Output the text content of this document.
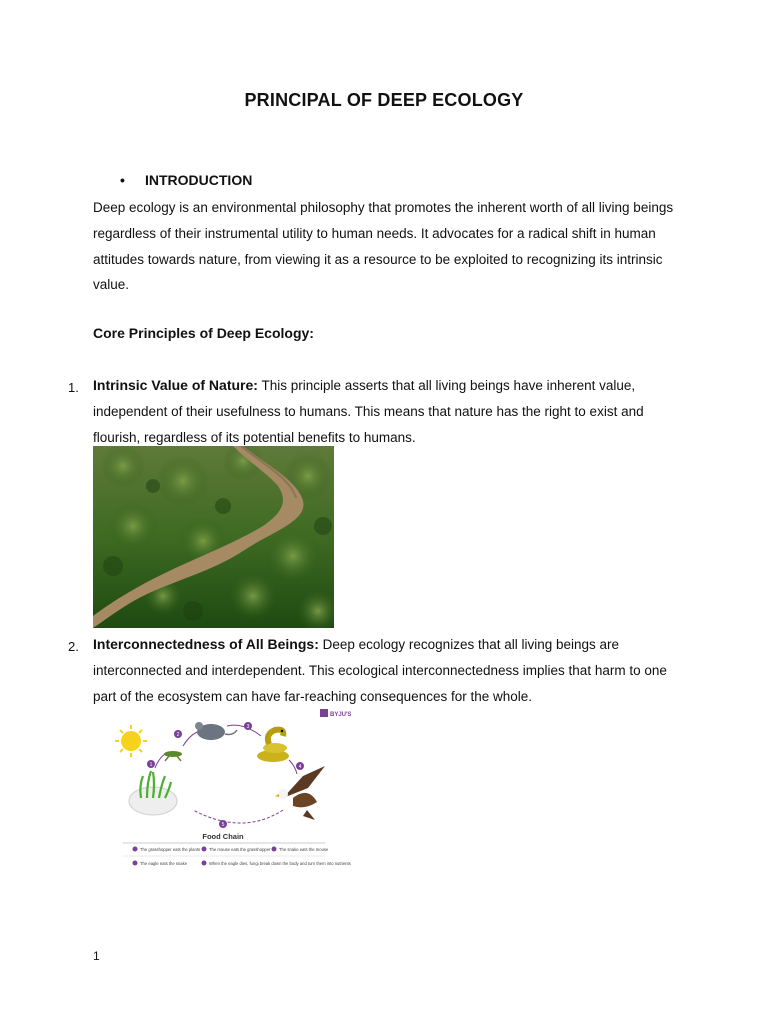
PRINCIPAL OF DEEP ECOLOGY
• INTRODUCTION
Deep ecology is an environmental philosophy that promotes the inherent worth of all living beings regardless of their instrumental utility to human needs. It advocates for a radical shift in human attitudes towards nature, from viewing it as a resource to be exploited to recognizing its intrinsic value.
Core Principles of Deep Ecology:
1. Intrinsic Value of Nature: This principle asserts that all living beings have inherent value, independent of their usefulness to humans. This means that nature has the right to exist and flourish, regardless of its potential benefits to humans.
2. Interconnectedness of All Beings: Deep ecology recognizes that all living beings are interconnected and interdependent. This ecological interconnectedness implies that harm to one part of the ecosystem can have far-reaching consequences for the whole.
BYJU'S
1
2
3
4
5
Food Chain
The grasshopper eats the plants The mouse eats the grasshopper The snake eats the mouse
The eagle eats the snake	When the eagle dies, fungi break down the body and turn them into nutrients
1
